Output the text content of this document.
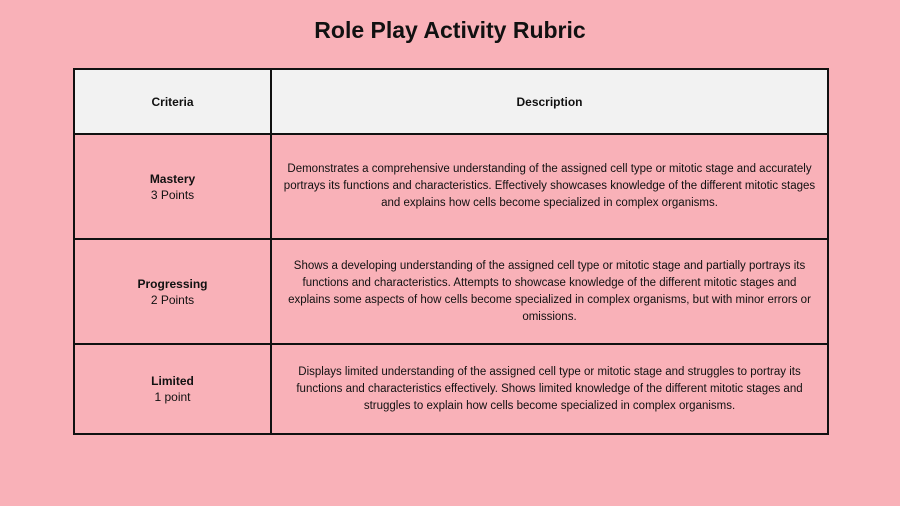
Role Play Activity Rubric
Criteria	Description

Mastery
3 Points	Demonstrates a comprehensive understanding of the assigned cell type or mitotic stage and accurately portrays its functions and characteristics. Effectively showcases knowledge of the different mitotic stages and explains how cells become specialized in complex organisms.

Progressing
2 Points	Shows a developing understanding of the assigned cell type or mitotic stage and partially portrays its functions and characteristics. Attempts to showcase knowledge of the different mitotic stages and explains some aspects of how cells become specialized in complex organisms, but with minor errors or omissions.

Limited
1 point	Displays limited understanding of the assigned cell type or mitotic stage and struggles to portray its functions and characteristics effectively. Shows limited knowledge of the different mitotic stages and struggles to explain how cells become specialized in complex organisms.
